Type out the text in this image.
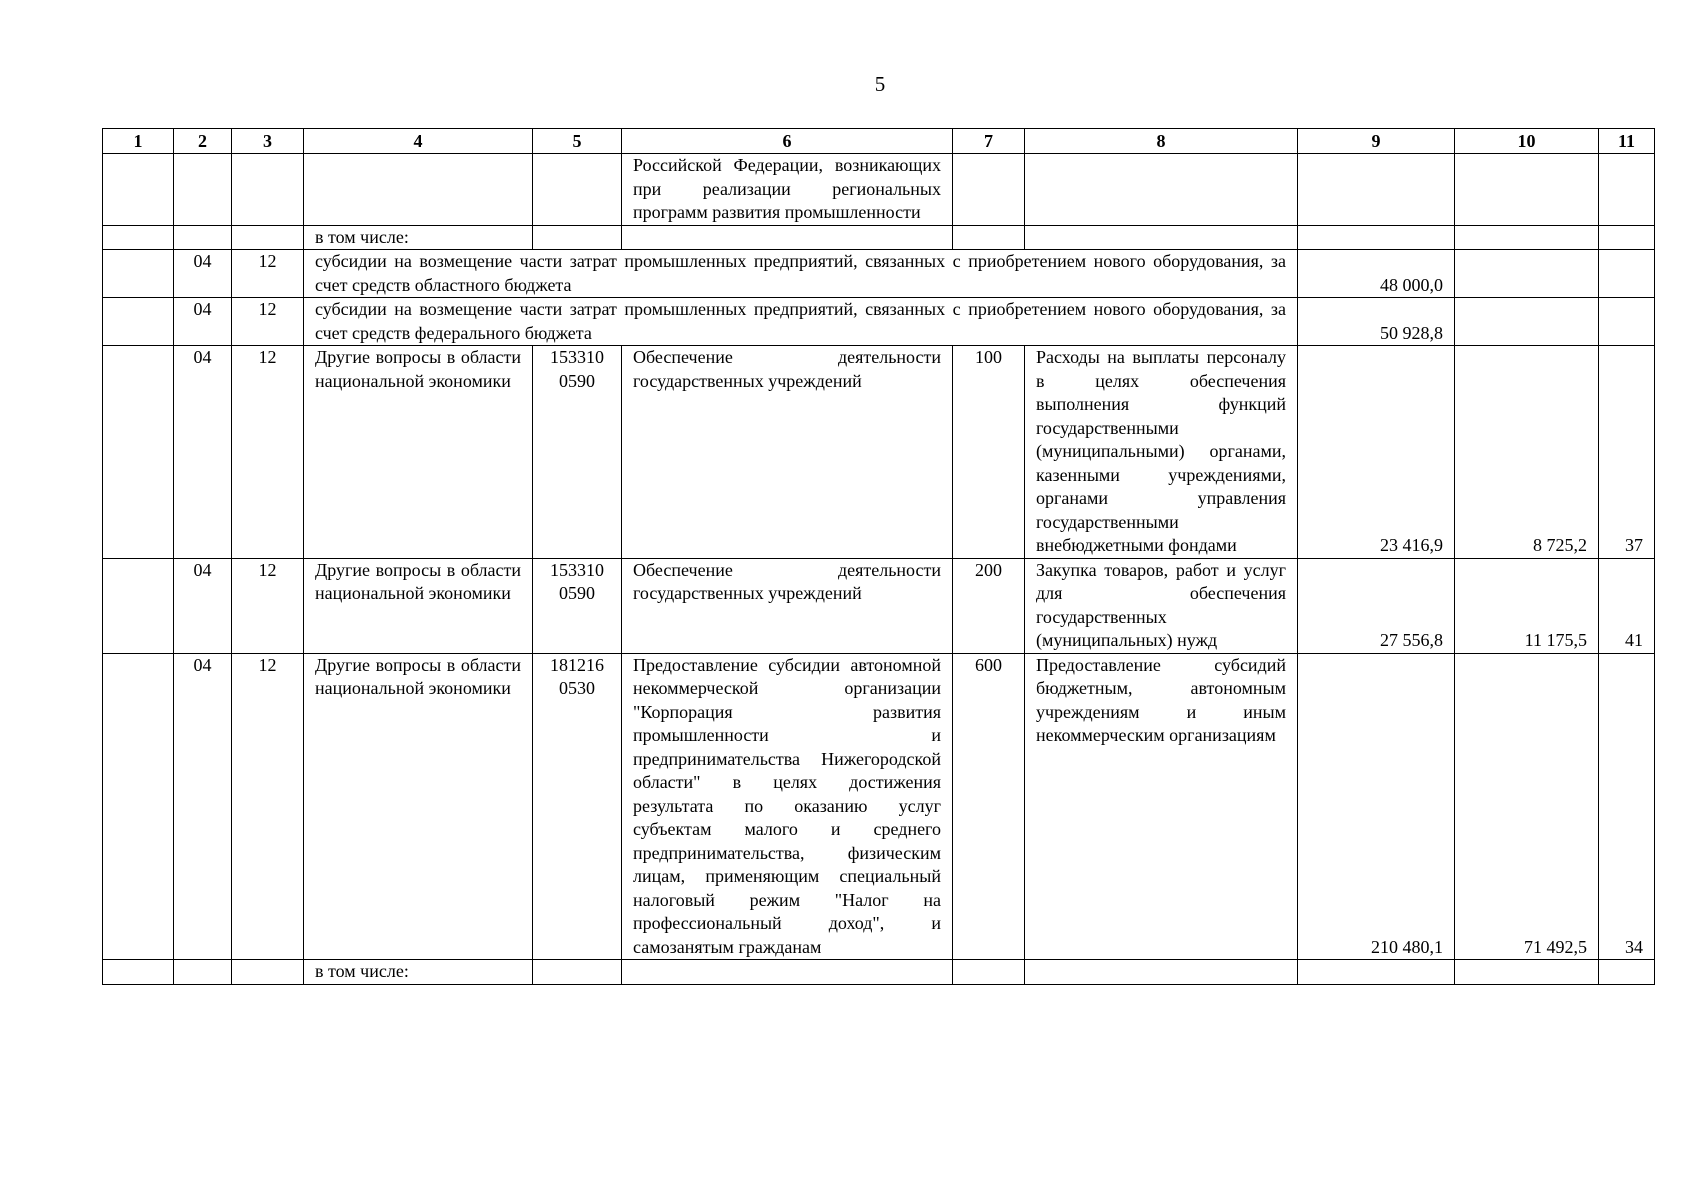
5
1	2	3	4	5	6	7	8	9	10	11
					Российской Федерации, возникающих при реализации региональных программ развития промышленности					
			в том числе:							
	04	12	субсидии на возмещение части затрат промышленных предприятий, связанных с приобретением нового оборудования, за счет средств областного бюджета					48 000,0		
	04	12	субсидии на возмещение части затрат промышленных предприятий, связанных с приобретением нового оборудования, за счет средств федерального бюджета					50 928,8		
	04	12	Другие вопросы в области национальной экономики	153310 0590	Обеспечение деятельности государственных учреждений	100	Расходы на выплаты персоналу в целях обеспечения выполнения функций государственными (муниципальными) органами, казенными учреждениями, органами управления государственными внебюджетными фондами	23 416,9	8 725,2	37
	04	12	Другие вопросы в области национальной экономики	153310 0590	Обеспечение деятельности государственных учреждений	200	Закупка товаров, работ и услуг для обеспечения государственных (муниципальных) нужд	27 556,8	11 175,5	41
	04	12	Другие вопросы в области национальной экономики	181216 0530	Предоставление субсидии автономной некоммерческой организации "Корпорация развития промышленности и предпринимательства Нижегородской области" в целях достижения результата по оказанию услуг субъектам малого и среднего предпринимательства, физическим лицам, применяющим специальный налоговый режим "Налог на профессиональный доход", и самозанятым гражданам	600	Предоставление субсидий бюджетным, автономным учреждениям и иным некоммерческим организациям	210 480,1	71 492,5	34
			в том числе:							
